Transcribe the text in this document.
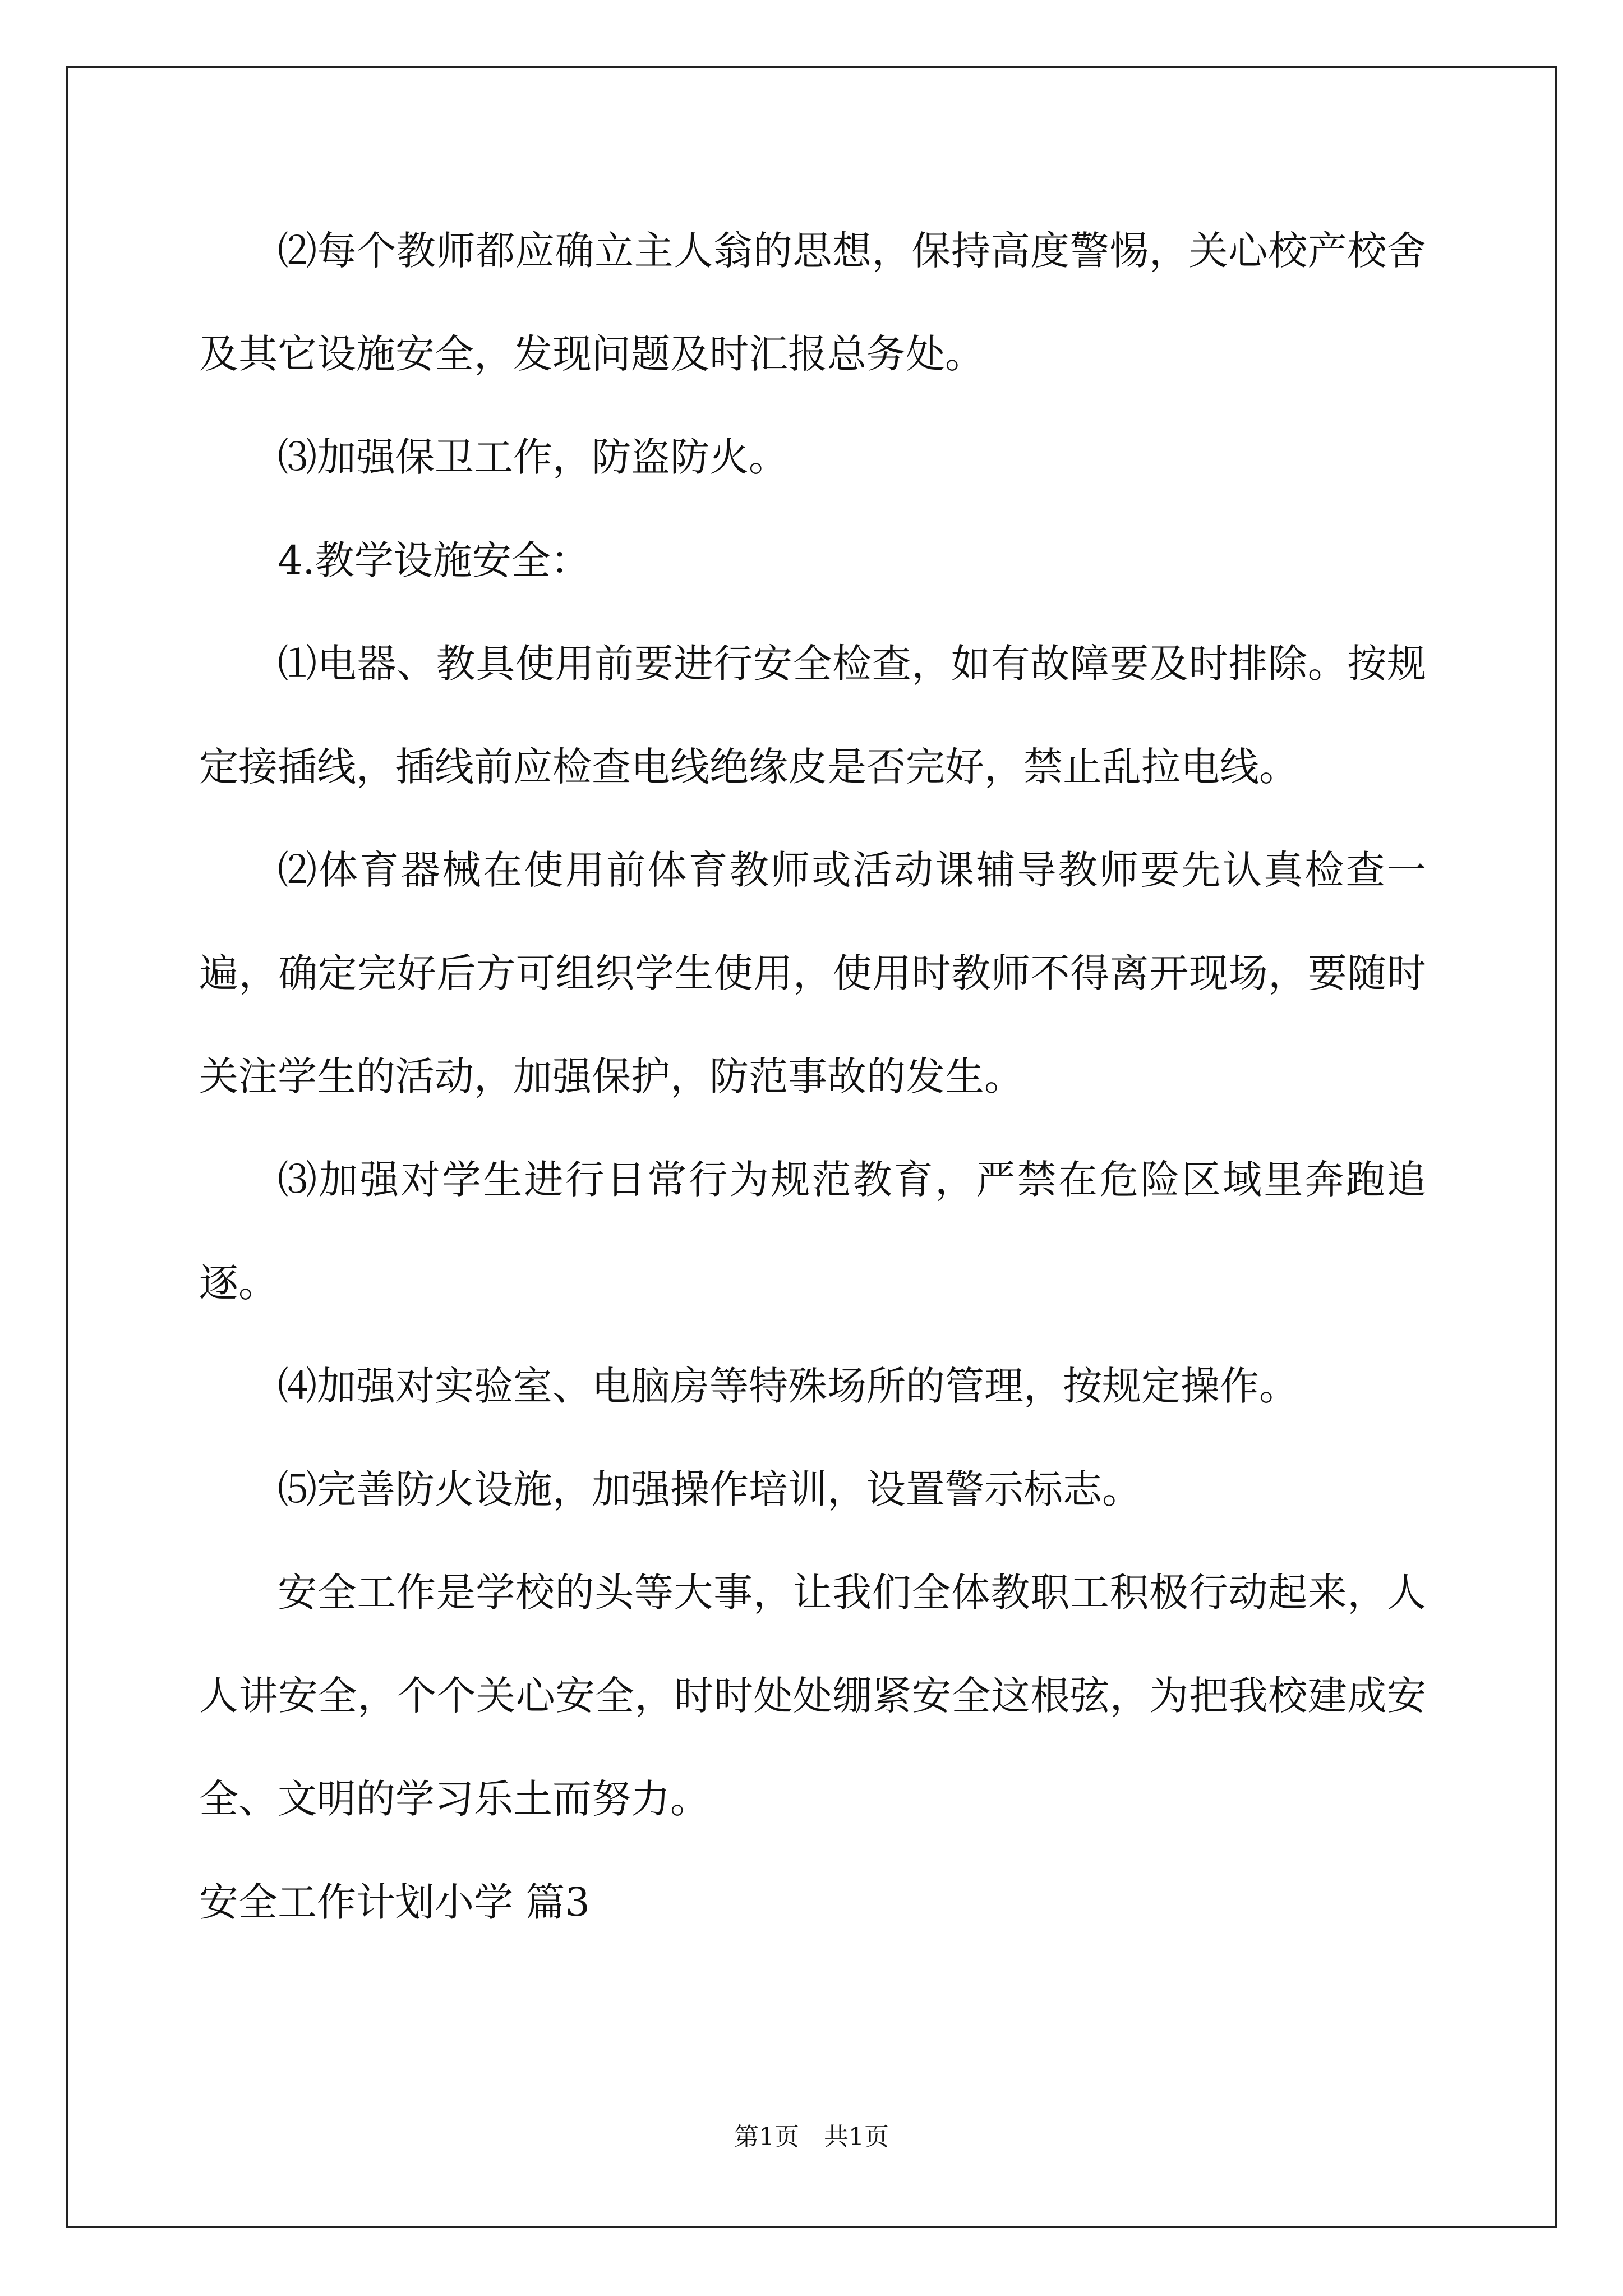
⑵每个教师都应确立主人翁的思想，保持高度警惕，关心校产校舍及其它设施安全，发现问题及时汇报总务处。

⑶加强保卫工作，防盗防火。

4.教学设施安全：

⑴电器、教具使用前要进行安全检查，如有故障要及时排除。按规定接插线，插线前应检查电线绝缘皮是否完好，禁止乱拉电线。

⑵体育器械在使用前体育教师或活动课辅导教师要先认真检查一遍，确定完好后方可组织学生使用，使用时教师不得离开现场，要随时关注学生的活动，加强保护，防范事故的发生。

⑶加强对学生进行日常行为规范教育，严禁在危险区域里奔跑追逐。

⑷加强对实验室、电脑房等特殊场所的管理，按规定操作。

⑸完善防火设施，加强操作培训，设置警示标志。

安全工作是学校的头等大事，让我们全体教职工积极行动起来，人人讲安全，个个关心安全，时时处处绷紧安全这根弦，为把我校建成安全、文明的学习乐土而努力。

安全工作计划小学 篇3

第1页　共1页
